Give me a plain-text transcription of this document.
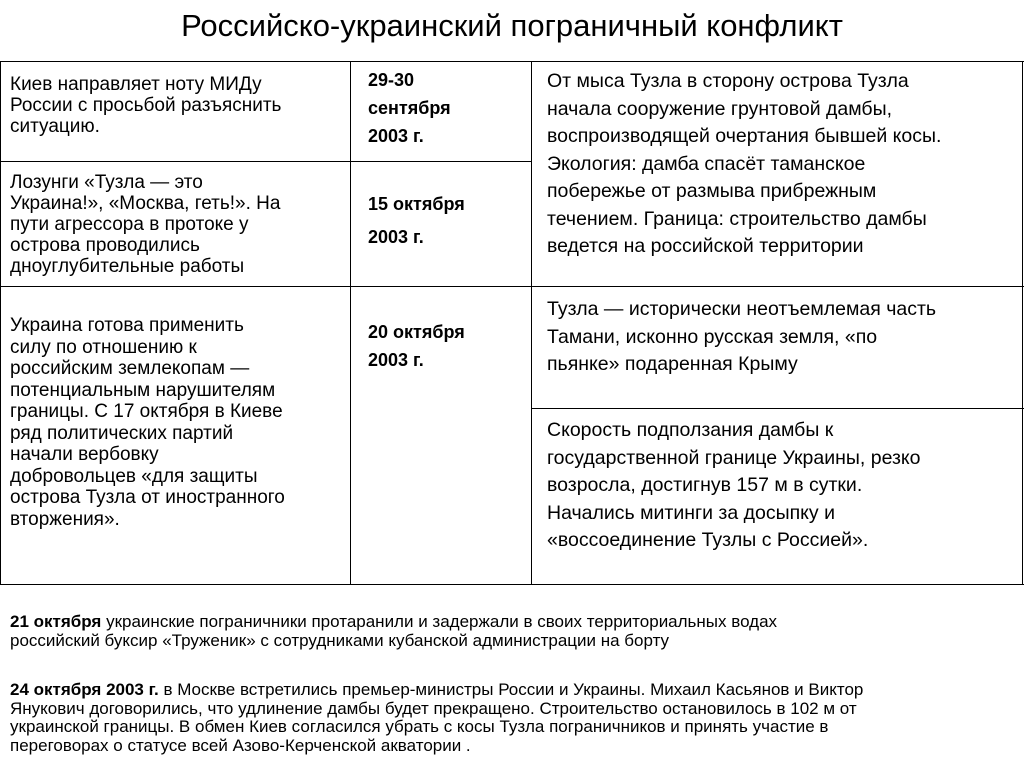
Российско-украинский пограничный конфликт
Киев направляет ноту МИДу
России с просьбой разъяснить
ситуацию.
29-30
сентября
2003 г.
Лозунги «Тузла — это
Украина!», «Москва, геть!». На
пути агрессора в протоке у
острова проводились
дноуглубительные работы
15 октября
2003 г.
Украина готова применить
силу по отношению к
российским землекопам —
потенциальным нарушителям
границы. С 17 октября в Киеве
ряд политических партий
начали вербовку
добровольцев «для защиты
острова Тузла от иностранного
вторжения».
20 октября
2003 г.
От мыса Тузла в сторону острова Тузла
начала сооружение грунтовой дамбы,
воспроизводящей очертания бывшей косы.
Экология: дамба спасёт таманское
побережье от размыва прибрежным
течением. Граница: строительство дамбы
ведется на российской территории
Тузла — исторически неотъемлемая часть
Тамани, исконно русская земля, «по
пьянке» подаренная Крыму
Скорость подползания дамбы к
государственной границе Украины, резко
возросла, достигнув 157 м в сутки.
Начались митинги за досыпку и
«воссоединение Тузлы с Россией».
21 октября украинские пограничники протаранили и задержали в своих территориальных водах
российский буксир «Труженик» с сотрудниками кубанской администрации на борту
24 октября 2003 г. в Москве встретились премьер-министры России и Украины. Михаил Касьянов и Виктор
Янукович договорились, что удлинение дамбы будет прекращено. Строительство остановилось в 102 м от
украинской границы. В обмен Киев согласился убрать с косы Тузла пограничников и принять участие в
переговорах о статусе всей Азово-Керченской акватории .
